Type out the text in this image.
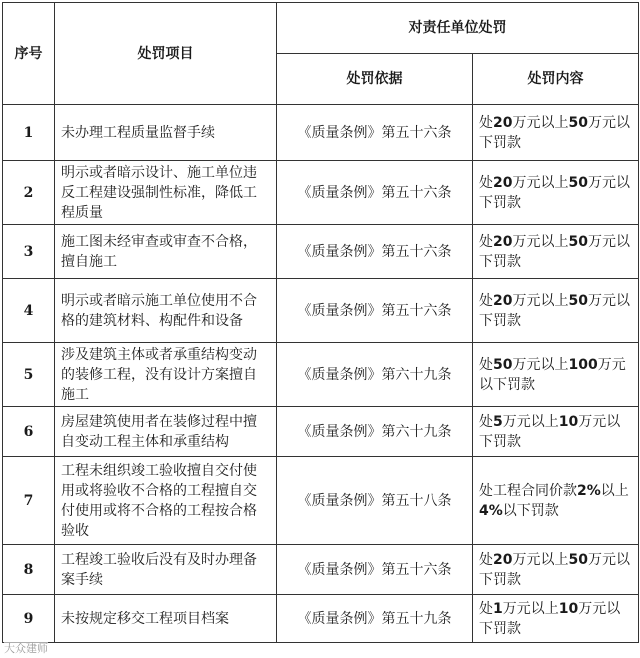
序号	处罚项目	对责任单位处罚	
		处罚依据	处罚内容
1	未办理工程质量监督手续	《质量条例》第五十六条	处20万元以上50万元以下罚款
2	明示或者暗示设计、施工单位违反工程建设强制性标准，降低工程质量	《质量条例》第五十六条	处20万元以上50万元以下罚款
3	施工图未经审查或审查不合格，擅自施工	《质量条例》第五十六条	处20万元以上50万元以下罚款
4	明示或者暗示施工单位使用不合格的建筑材料、构配件和设备	《质量条例》第五十六条	处20万元以上50万元以下罚款
5	涉及建筑主体或者承重结构变动的装修工程，没有设计方案擅自施工	《质量条例》第六十九条	处50万元以上100万元以下罚款
6	房屋建筑使用者在装修过程中擅自变动工程主体和承重结构	《质量条例》第六十九条	处5万元以上10万元以下罚款
7	工程未组织竣工验收擅自交付使用或将验收不合格的工程擅自交付使用或将不合格的工程按合格验收	《质量条例》第五十八条	处工程合同价款2%以上4%以下罚款
8	工程竣工验收后没有及时办理备案手续	《质量条例》第五十六条	处20万元以上50万元以下罚款
9	未按规定移交工程项目档案	《质量条例》第五十九条	处1万元以上10万元以下罚款
大众建师
